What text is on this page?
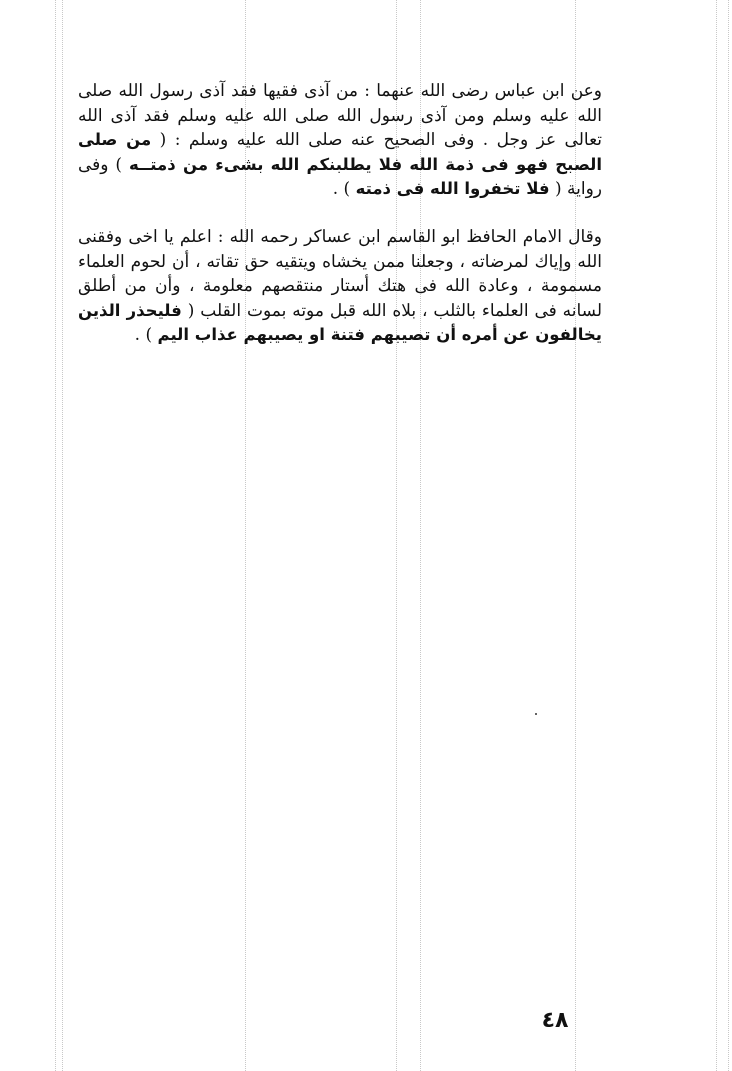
وعن ابن عباس رضى الله عنهما : من آذى فقيها فقد آذى رسول الله صلى الله عليه وسلم ومن آذى رسول الله صلى الله عليه وسلم فقد آذى الله تعالى عز وجل . وفى الصحيح عنه صلى الله عليه وسلم : ( من صلى الصبح فهو فى ذمة الله فلا يطلبنكم الله بشىء من ذمتــه ) وفى رواية ( فلا تخفروا الله فى ذمته ) .

وقال الامام الحافظ ابو القاسم ابن عساكر رحمه الله : اعلم يا اخى وفقنى الله وإياك لمرضاته ، وجعلنا ممن يخشاه ويتقيه حق تقاته ، أن لحوم العلماء مسمومة ، وعادة الله فى هتك أستار منتقصهم معلومة ، وأن من أطلق لسانه فى العلماء بالثلب ، بلاه الله قبل موته بموت القلب ( فليحذر الذين يخالفون عن أمره أن تصيبهم فتنة او يصيبهم عذاب اليم ) .

٤٨
